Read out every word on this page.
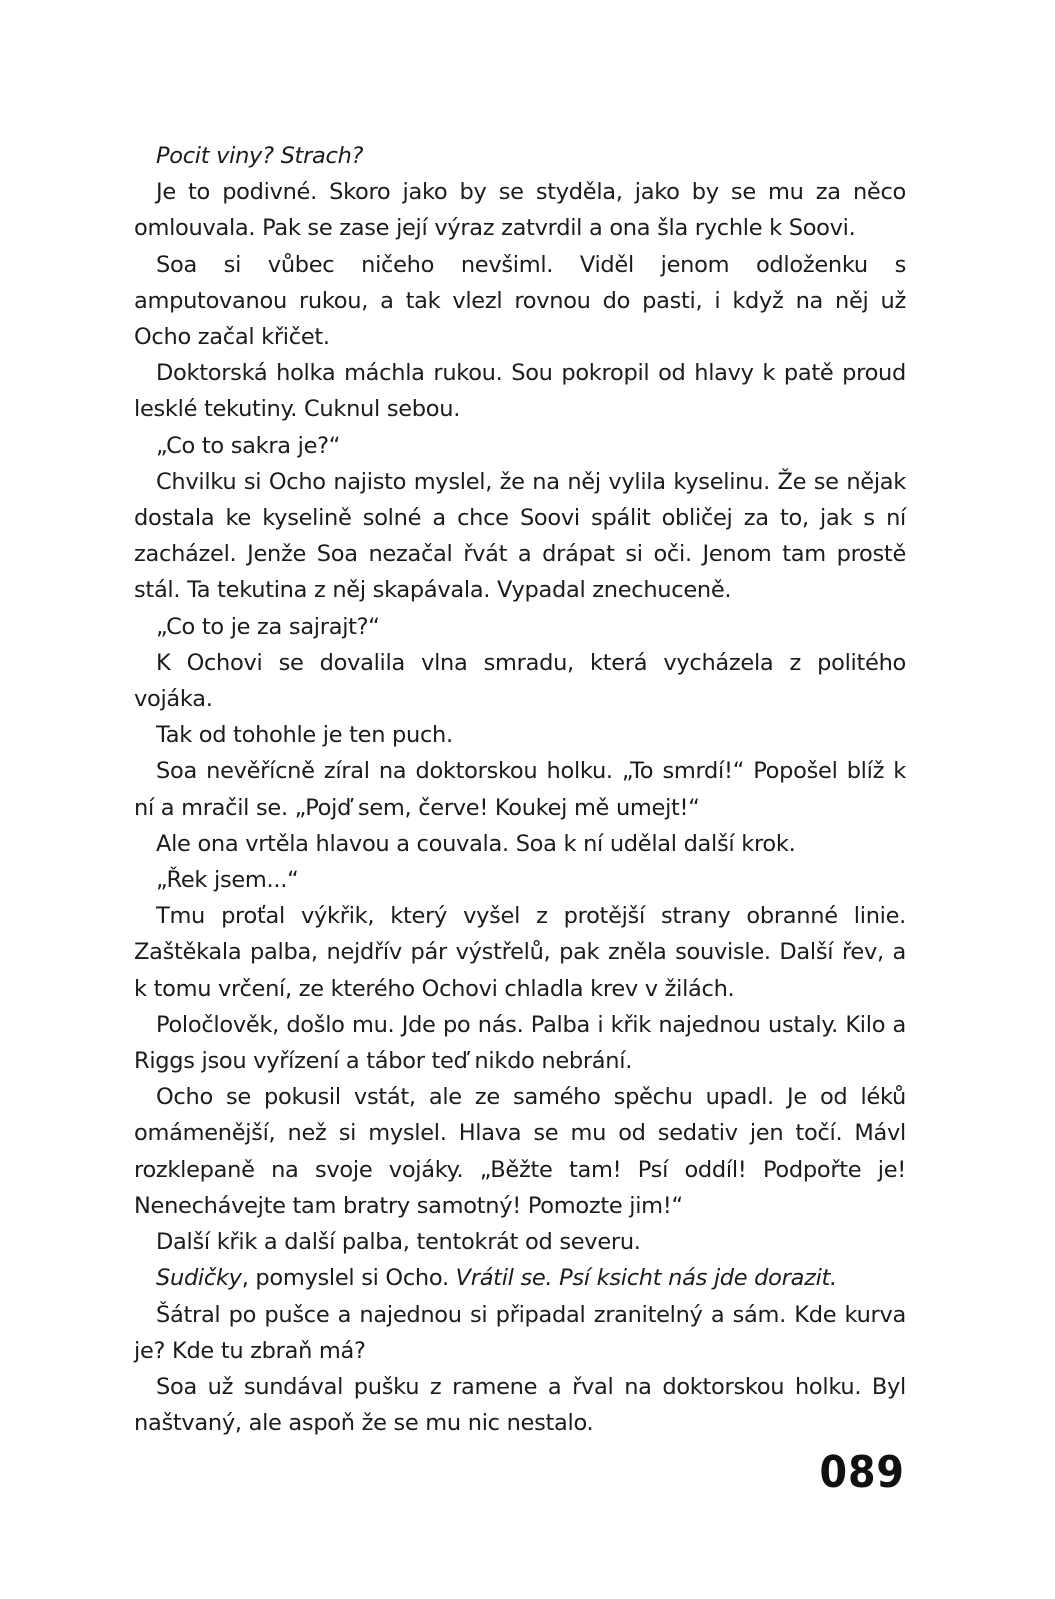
Pocit viny? Strach?

Je to podivné. Skoro jako by se styděla, jako by se mu za něco omlouvala. Pak se zase její výraz zatvrdil a ona šla rychle k Soovi.

Soa si vůbec ničeho nevšiml. Viděl jenom odloženku s amputovanou rukou, a tak vlezl rovnou do pasti, i když na něj už Ocho začal křičet.

Doktorská holka máchla rukou. Sou pokropil od hlavy k patě proud lesklé tekutiny. Cuknul sebou.

„Co to sakra je?“

Chvilku si Ocho najisto myslel, že na něj vylila kyselinu. Že se nějak dostala ke kyselině solné a chce Soovi spálit obličej za to, jak s ní zacházel. Jenže Soa nezačal řvát a drápat si oči. Jenom tam prostě stál. Ta tekutina z něj skapávala. Vypadal znechuceně.

„Co to je za sajrajt?“

K Ochovi se dovalila vlna smradu, která vycházela z politého vojáka.

Tak od tohohle je ten puch.

Soa nevěřícně zíral na doktorskou holku. „To smrdí!“ Popošel blíž k ní a mračil se. „Pojď sem, červe! Koukej mě umejt!“

Ale ona vrtěla hlavou a couvala. Soa k ní udělal další krok.

„Řek jsem...“

Tmu proťal výkřik, který vyšel z protější strany obranné linie. Zaštěkala palba, nejdřív pár výstřelů, pak zněla souvisle. Další řev, a k tomu vrčení, ze kterého Ochovi chladla krev v žilách.

Poločlověk, došlo mu. Jde po nás. Palba i křik najednou ustaly. Kilo a Riggs jsou vyřízení a tábor teď nikdo nebrání.

Ocho se pokusil vstát, ale ze samého spěchu upadl. Je od léků omámenější, než si myslel. Hlava se mu od sedativ jen točí. Mávl rozklepaně na svoje vojáky. „Běžte tam! Psí oddíl! Podpořte je! Nenechávejte tam bratry samotný! Pomozte jim!“

Další křik a další palba, tentokrát od severu.

Sudičky, pomyslel si Ocho. Vrátil se. Psí ksicht nás jde dorazit.

Šátral po pušce a najednou si připadal zranitelný a sám. Kde kurva je? Kde tu zbraň má?

Soa už sundával pušku z ramene a řval na doktorskou holku. Byl naštvaný, ale aspoň že se mu nic nestalo.

089
